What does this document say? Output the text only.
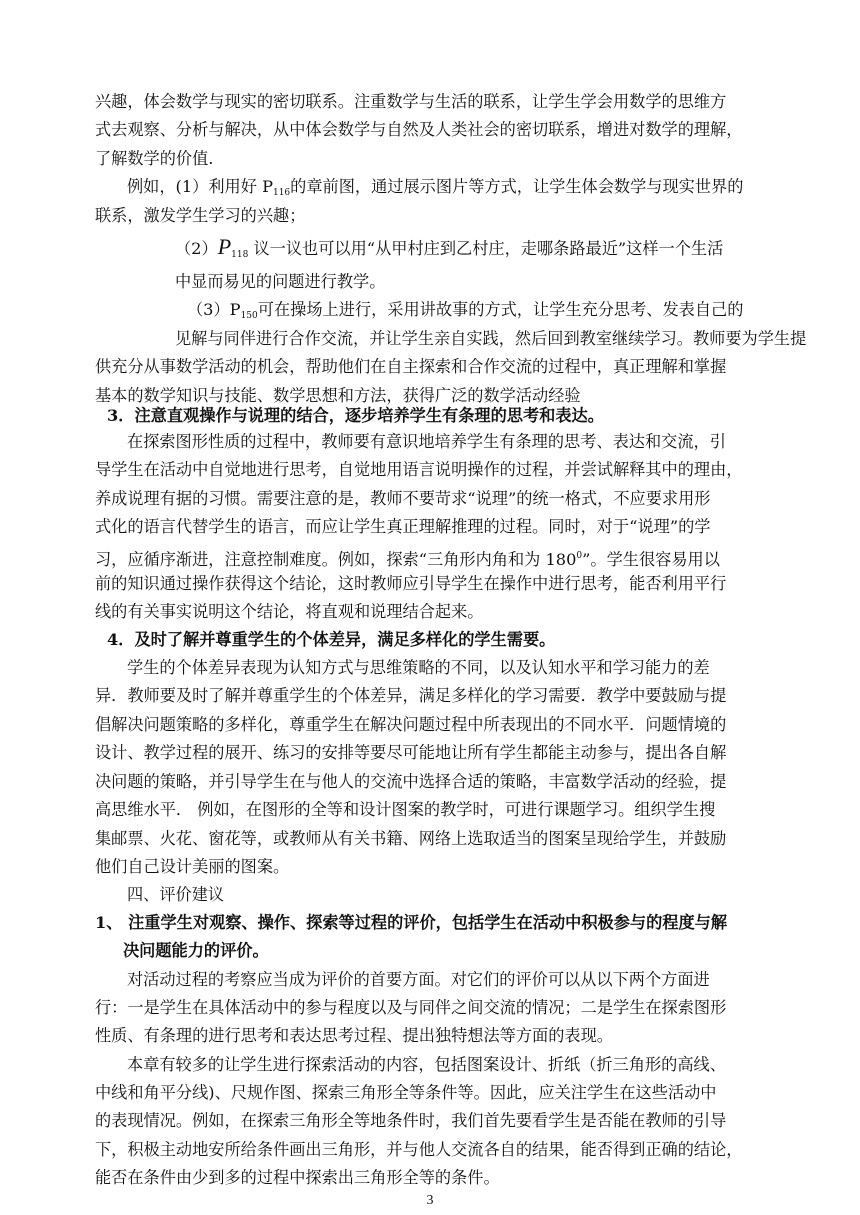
兴趣，体会数学与现实的密切联系。注重数学与生活的联系，让学生学会用数学的思维方
式去观察、分析与解决，从中体会数学与自然及人类社会的密切联系，增进对数学的理解，
了解数学的价值.
例如，(1）利用好 $P_{116}$的章前图，通过展示图片等方式，让学生体会数学与现实世界的
联系，激发学生学习的兴趣；
$(2)P_{118}$ 议一议也可以用“从甲村庄到乙村庄，走哪条路最近”这样一个生活
中显而易见的问题进行教学。
$(3)P_{150}$可在操场上进行，采用讲故事的方式，让学生充分思考、发表自己的
见解与同伴进行合作交流，并让学生亲自实践，然后回到教室继续学习。教师要为学生提
供充分从事数学活动的机会，帮助他们在自主探索和合作交流的过程中，真正理解和掌握
基本的数学知识与技能、数学思想和方法，获得广泛的数学活动经验
3．注意直观操作与说理的结合，逐步培养学生有条理的思考和表达。
在探索图形性质的过程中，教师要有意识地培养学生有条理的思考、表达和交流，引
导学生在活动中自觉地进行思考，自觉地用语言说明操作的过程，并尝试解释其中的理由，
养成说理有据的习惯。需要注意的是，教师不要苛求“说理”的统一格式，不应要求用形
式化的语言代替学生的语言，而应让学生真正理解推理的过程。同时，对于“说理”的学
习，应循序渐进，注意控制难度。例如，探索“三角形内角和为 $180^0$”。学生很容易用以
前的知识通过操作获得这个结论，这时教师应引导学生在操作中进行思考，能否利用平行
线的有关事实说明这个结论，将直观和说理结合起来。
4．及时了解并尊重学生的个体差异，满足多样化的学生需要。
学生的个体差异表现为认知方式与思维策略的不同，以及认知水平和学习能力的差
异．教师要及时了解并尊重学生的个体差异，满足多样化的学习需要．教学中要鼓励与提
倡解决问题策略的多样化，尊重学生在解决问题过程中所表现出的不同水平．问题情境的
设计、教学过程的展开、练习的安排等要尽可能地让所有学生都能主动参与，提出各自解
决问题的策略，并引导学生在与他人的交流中选择合适的策略，丰富数学活动的经验，提
高思维水平． 例如，在图形的全等和设计图案的教学时，可进行课题学习。组织学生搜
集邮票、火花、窗花等，或教师从有关书籍、网络上选取适当的图案呈现给学生，并鼓励
他们自己设计美丽的图案。
四、评价建议
1、 注重学生对观察、操作、探索等过程的评价，包括学生在活动中积极参与的程度与解
决问题能力的评价。
对活动过程的考察应当成为评价的首要方面。对它们的评价可以从以下两个方面进
行：一是学生在具体活动中的参与程度以及与同伴之间交流的情况；二是学生在探索图形
性质、有条理的进行思考和表达思考过程、提出独特想法等方面的表现。
本章有较多的让学生进行探索活动的内容，包括图案设计、折纸（折三角形的高线、
中线和角平分线)、尺规作图、探索三角形全等条件等。因此，应关注学生在这些活动中
的表现情况。例如，在探索三角形全等地条件时，我们首先要看学生是否能在教师的引导
下，积极主动地安所给条件画出三角形，并与他人交流各自的结果，能否得到正确的结论，
能否在条件由少到多的过程中探索出三角形全等的条件。
3
